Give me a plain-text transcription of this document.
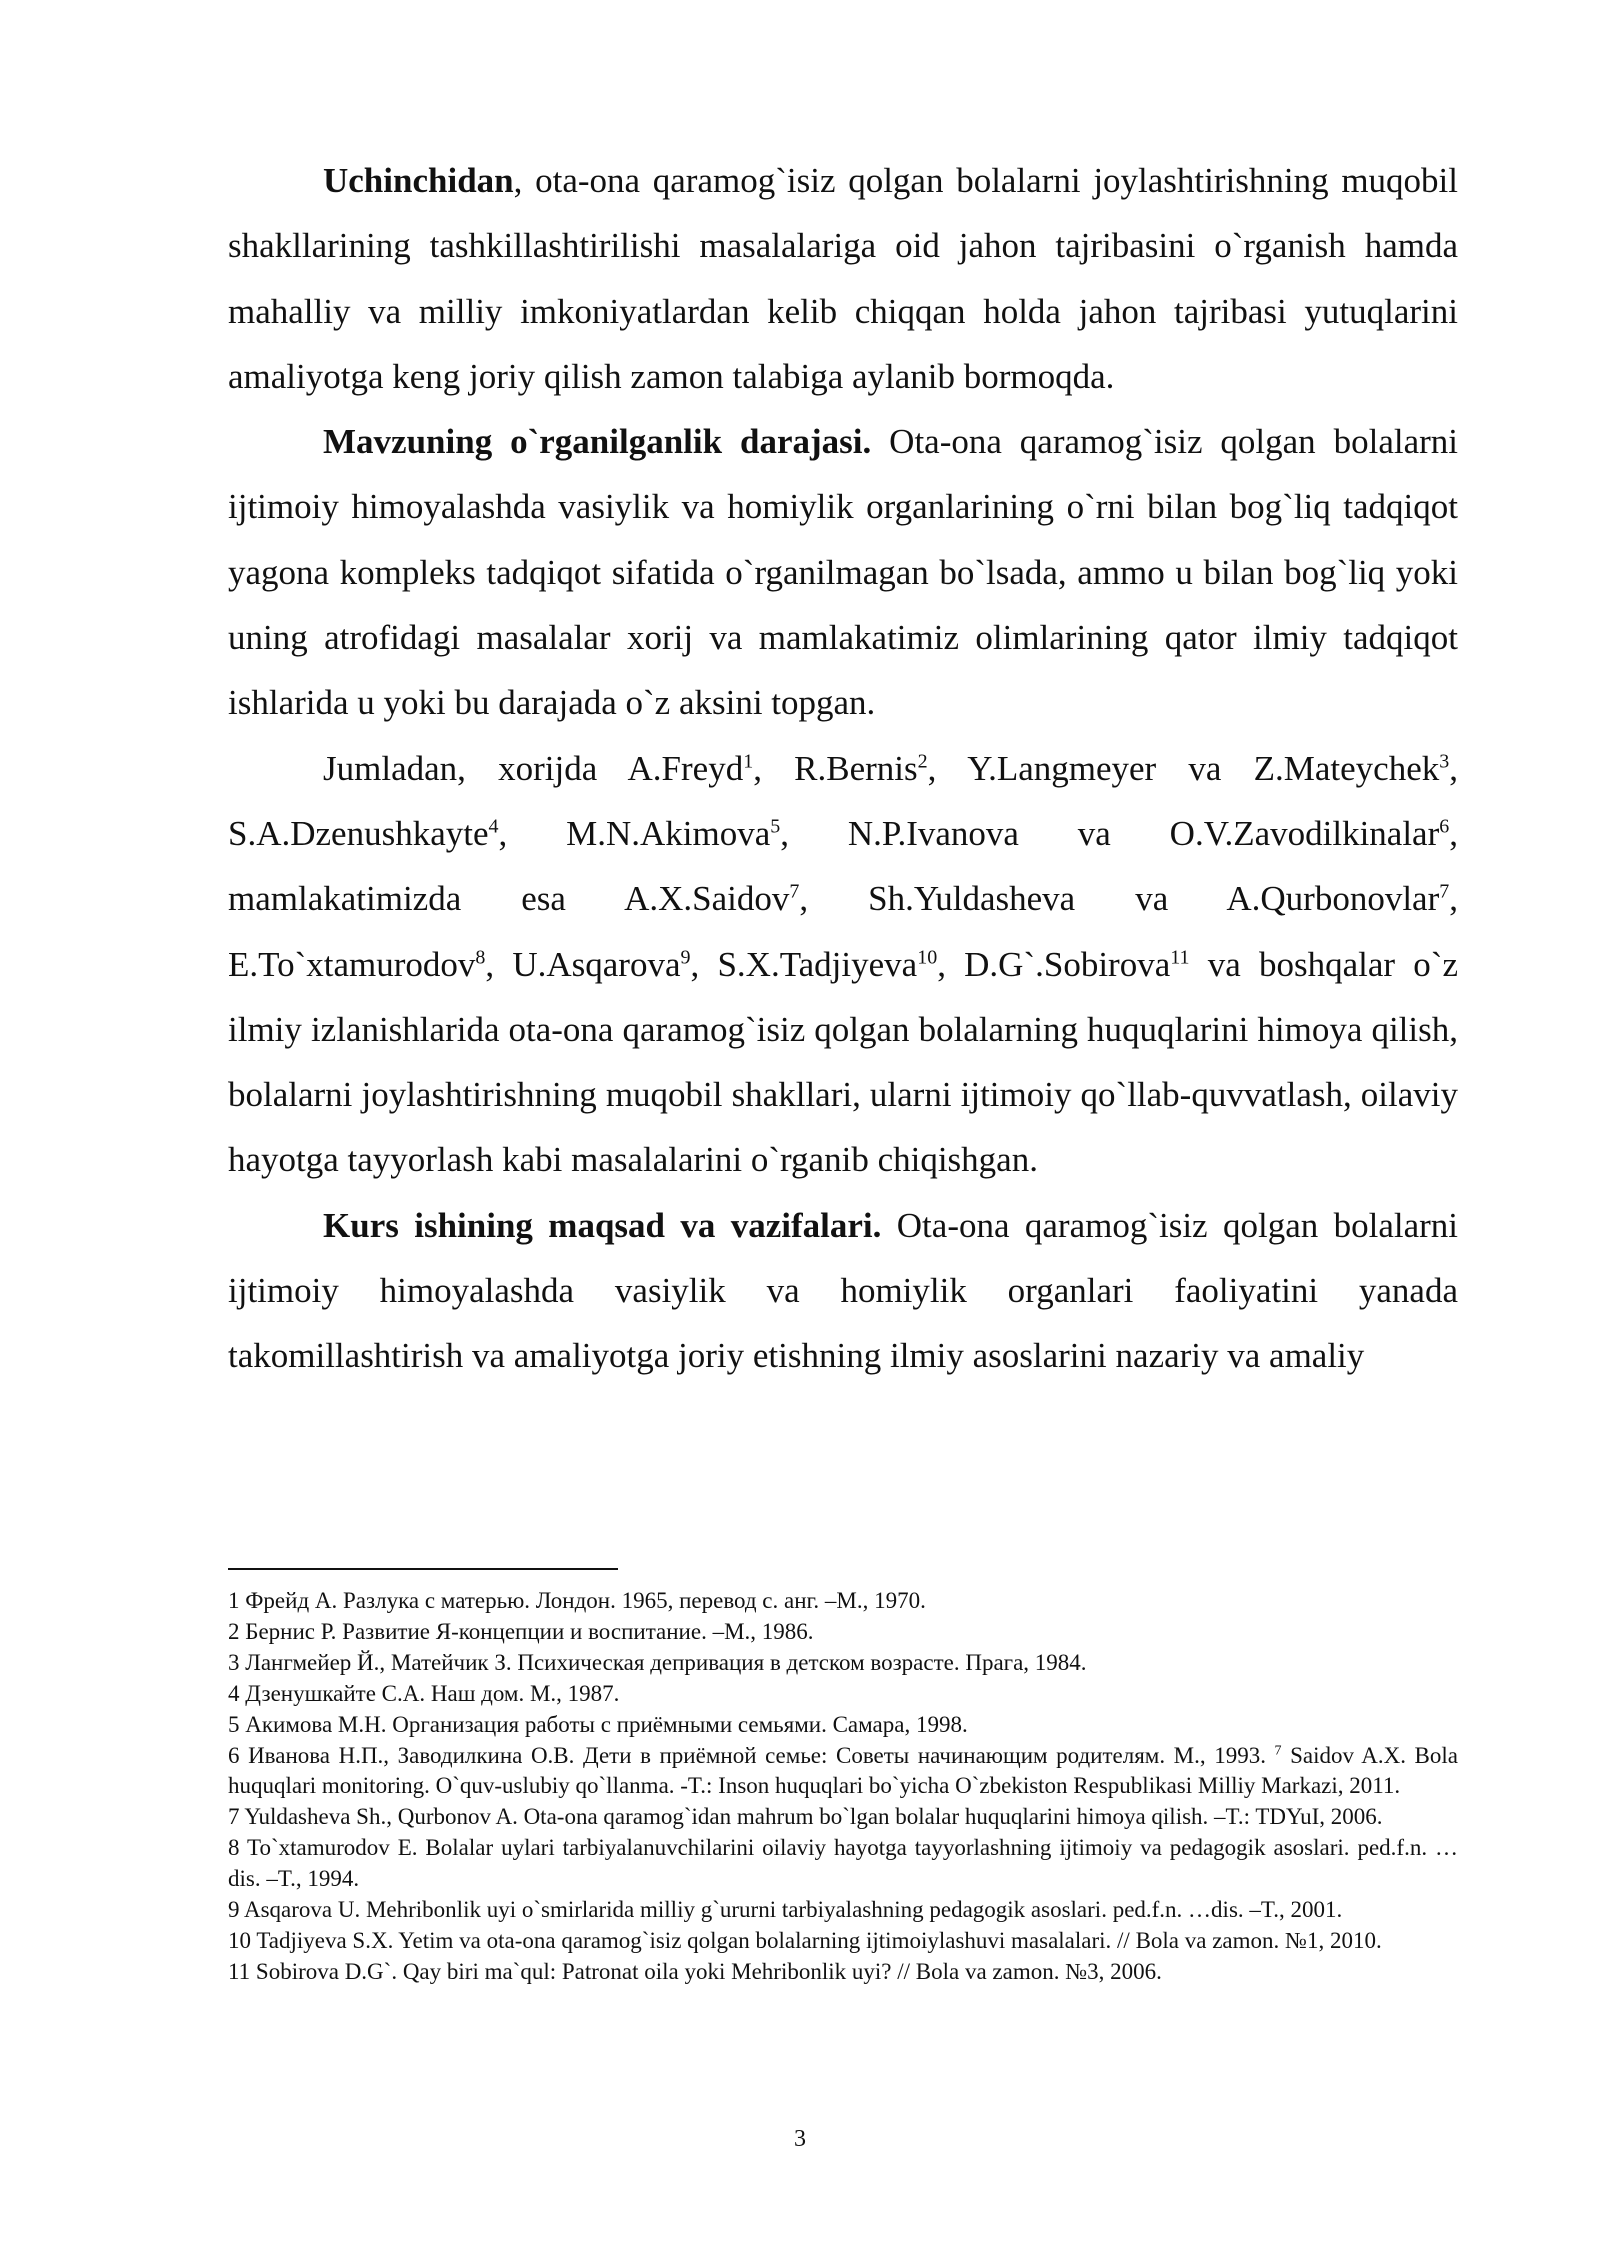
Uchinchidan, ota-ona qaramog`isiz qolgan bolalarni joylashtirishning muqobil shakllarining tashkillashtirilishi masalalariga oid jahon tajribasini o`rganish hamda mahalliy va milliy imkoniyatlardan kelib chiqqan holda jahon tajribasi yutuqlarini amaliyotga keng joriy qilish zamon talabiga aylanib bormoqda.

Mavzuning o`rganilganlik darajasi. Ota-ona qaramog`isiz qolgan bolalarni ijtimoiy himoyalashda vasiylik va homiylik organlarining o`rni bilan bog`liq tadqiqot yagona kompleks tadqiqot sifatida o`rganilmagan bo`lsada, ammo u bilan bog`liq yoki uning atrofidagi masalalar xorij va mamlakatimiz olimlarining qator ilmiy tadqiqot ishlarida u yoki bu darajada o`z aksini topgan.

Jumladan, xorijda A.Freyd$^1$, R.Bernis$^2$, Y.Langmeyer va Z.Mateychek$^3$, S.A.Dzenushkayte$^4$, M.N.Akimova$^5$, N.P.Ivanova va O.V.Zavodilkinalar$^6$, mamlakatimizda esa A.X.Saidov$^7$, Sh.Yuldasheva va A.Qurbonovlar$^7$, E.To`xtamurodov$^8$, U.Asqarova$^9$, S.X.Tadjiyeva$^{10}$, D.G`.Sobirova$^{11}$ va boshqalar o`z ilmiy izlanishlarida ota-ona qaramog`isiz qolgan bolalarning huquqlarini himoya qilish, bolalarni joylashtirishning muqobil shakllari, ularni ijtimoiy qo`llab-quvvatlash, oilaviy hayotga tayyorlash kabi masalalarini o`rganib chiqishgan.

Kurs ishining maqsad va vazifalari. Ota-ona qaramog`isiz qolgan bolalarni ijtimoiy himoyalashda vasiylik va homiylik organlari faoliyatini yanada takomillashtirish va amaliyotga joriy etishning ilmiy asoslarini nazariy va amaliy

1 Фрейд А. Разлука с матерью. Лондон. 1965, перевод с. анг. –М., 1970.
2 Бернис Р. Развитие Я-концепции и воспитание. –М., 1986.
3 Лангмейер Й., Матейчик З. Психическая депривация в детском возрасте. Прага, 1984.
4 Дзенушкайте С.А. Наш дом. М., 1987.
5 Акимова М.Н. Организация работы с приёмными семьями. Самара, 1998.
6 Иванова Н.П., Заводилкина О.В. Дети в приёмной семье: Советы начинающим родителям. М., 1993. $^7$ Saidov A.X. Bola huquqlari monitoring. O`quv-uslubiy qo`llanma. -T.: Inson huquqlari bo`yicha O`zbekiston Respublikasi Milliy Markazi, 2011.
7 Yuldasheva Sh., Qurbonov A. Ota-ona qaramog`idan mahrum bo`lgan bolalar huquqlarini himoya qilish. –T.: TDYuI, 2006.
8 To`xtamurodov E. Bolalar uylari tarbiyalanuvchilarini oilaviy hayotga tayyorlashning ijtimoiy va pedagogik asoslari. ped.f.n. …dis. –T., 1994.
9 Asqarova U. Mehribonlik uyi o`smirlarida milliy g`ururni tarbiyalashning pedagogik asoslari. ped.f.n. …dis. –T., 2001.
10 Tadjiyeva S.X. Yetim va ota-ona qaramog`isiz qolgan bolalarning ijtimoiylashuvi masalalari. // Bola va zamon. №1, 2010.
11 Sobirova D.G`. Qay biri ma`qul: Patronat oila yoki Mehribonlik uyi? // Bola va zamon. №3, 2006.
3
